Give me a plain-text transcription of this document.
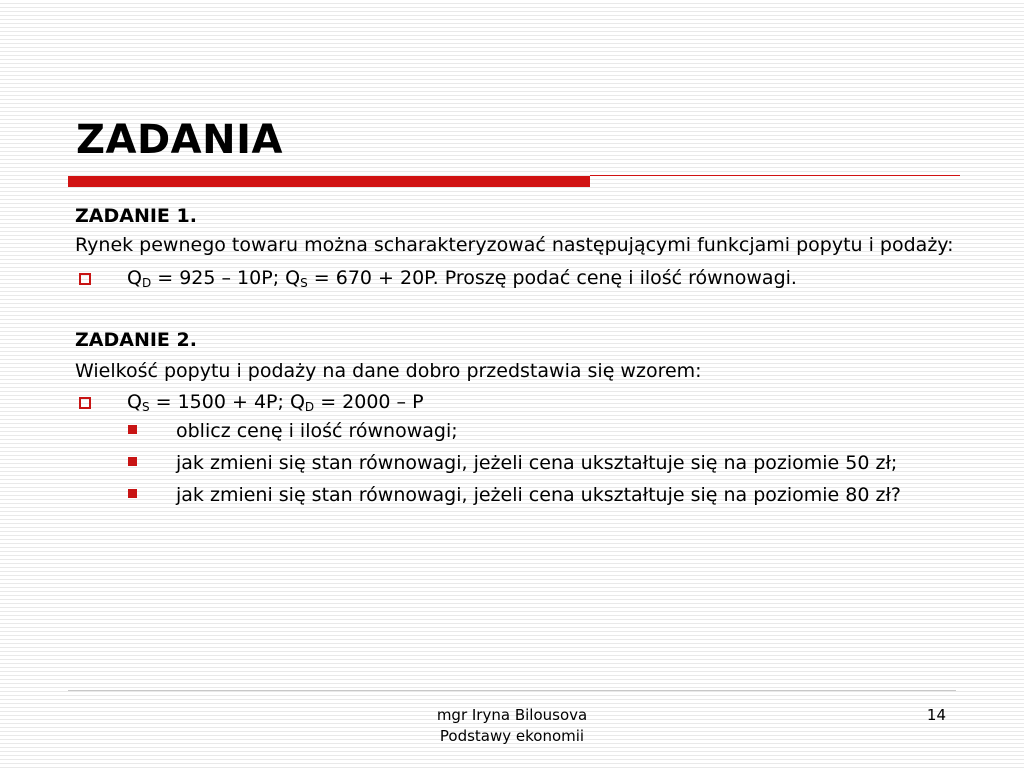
ZADANIA

ZADANIE 1.

Rynek pewnego towaru można scharakteryzować następującymi funkcjami popytu i podaży:

$Q_D = 925 - 10P$; $Q_S = 670 + 20P$. Proszę podać cenę i ilość równowagi.

ZADANIE 2.

Wielkość popytu i podaży na dane dobro przedstawia się wzorem:

$Q_S = 1500 + 4P$; $Q_D = 2000 - P$

oblicz cenę i ilość równowagi;
jak zmieni się stan równowagi, jeżeli cena ukształtuje się na poziomie 50 zł;
jak zmieni się stan równowagi, jeżeli cena ukształtuje się na poziomie 80 zł?
mgr Iryna Bilousova
Podstawy ekonomii
14
